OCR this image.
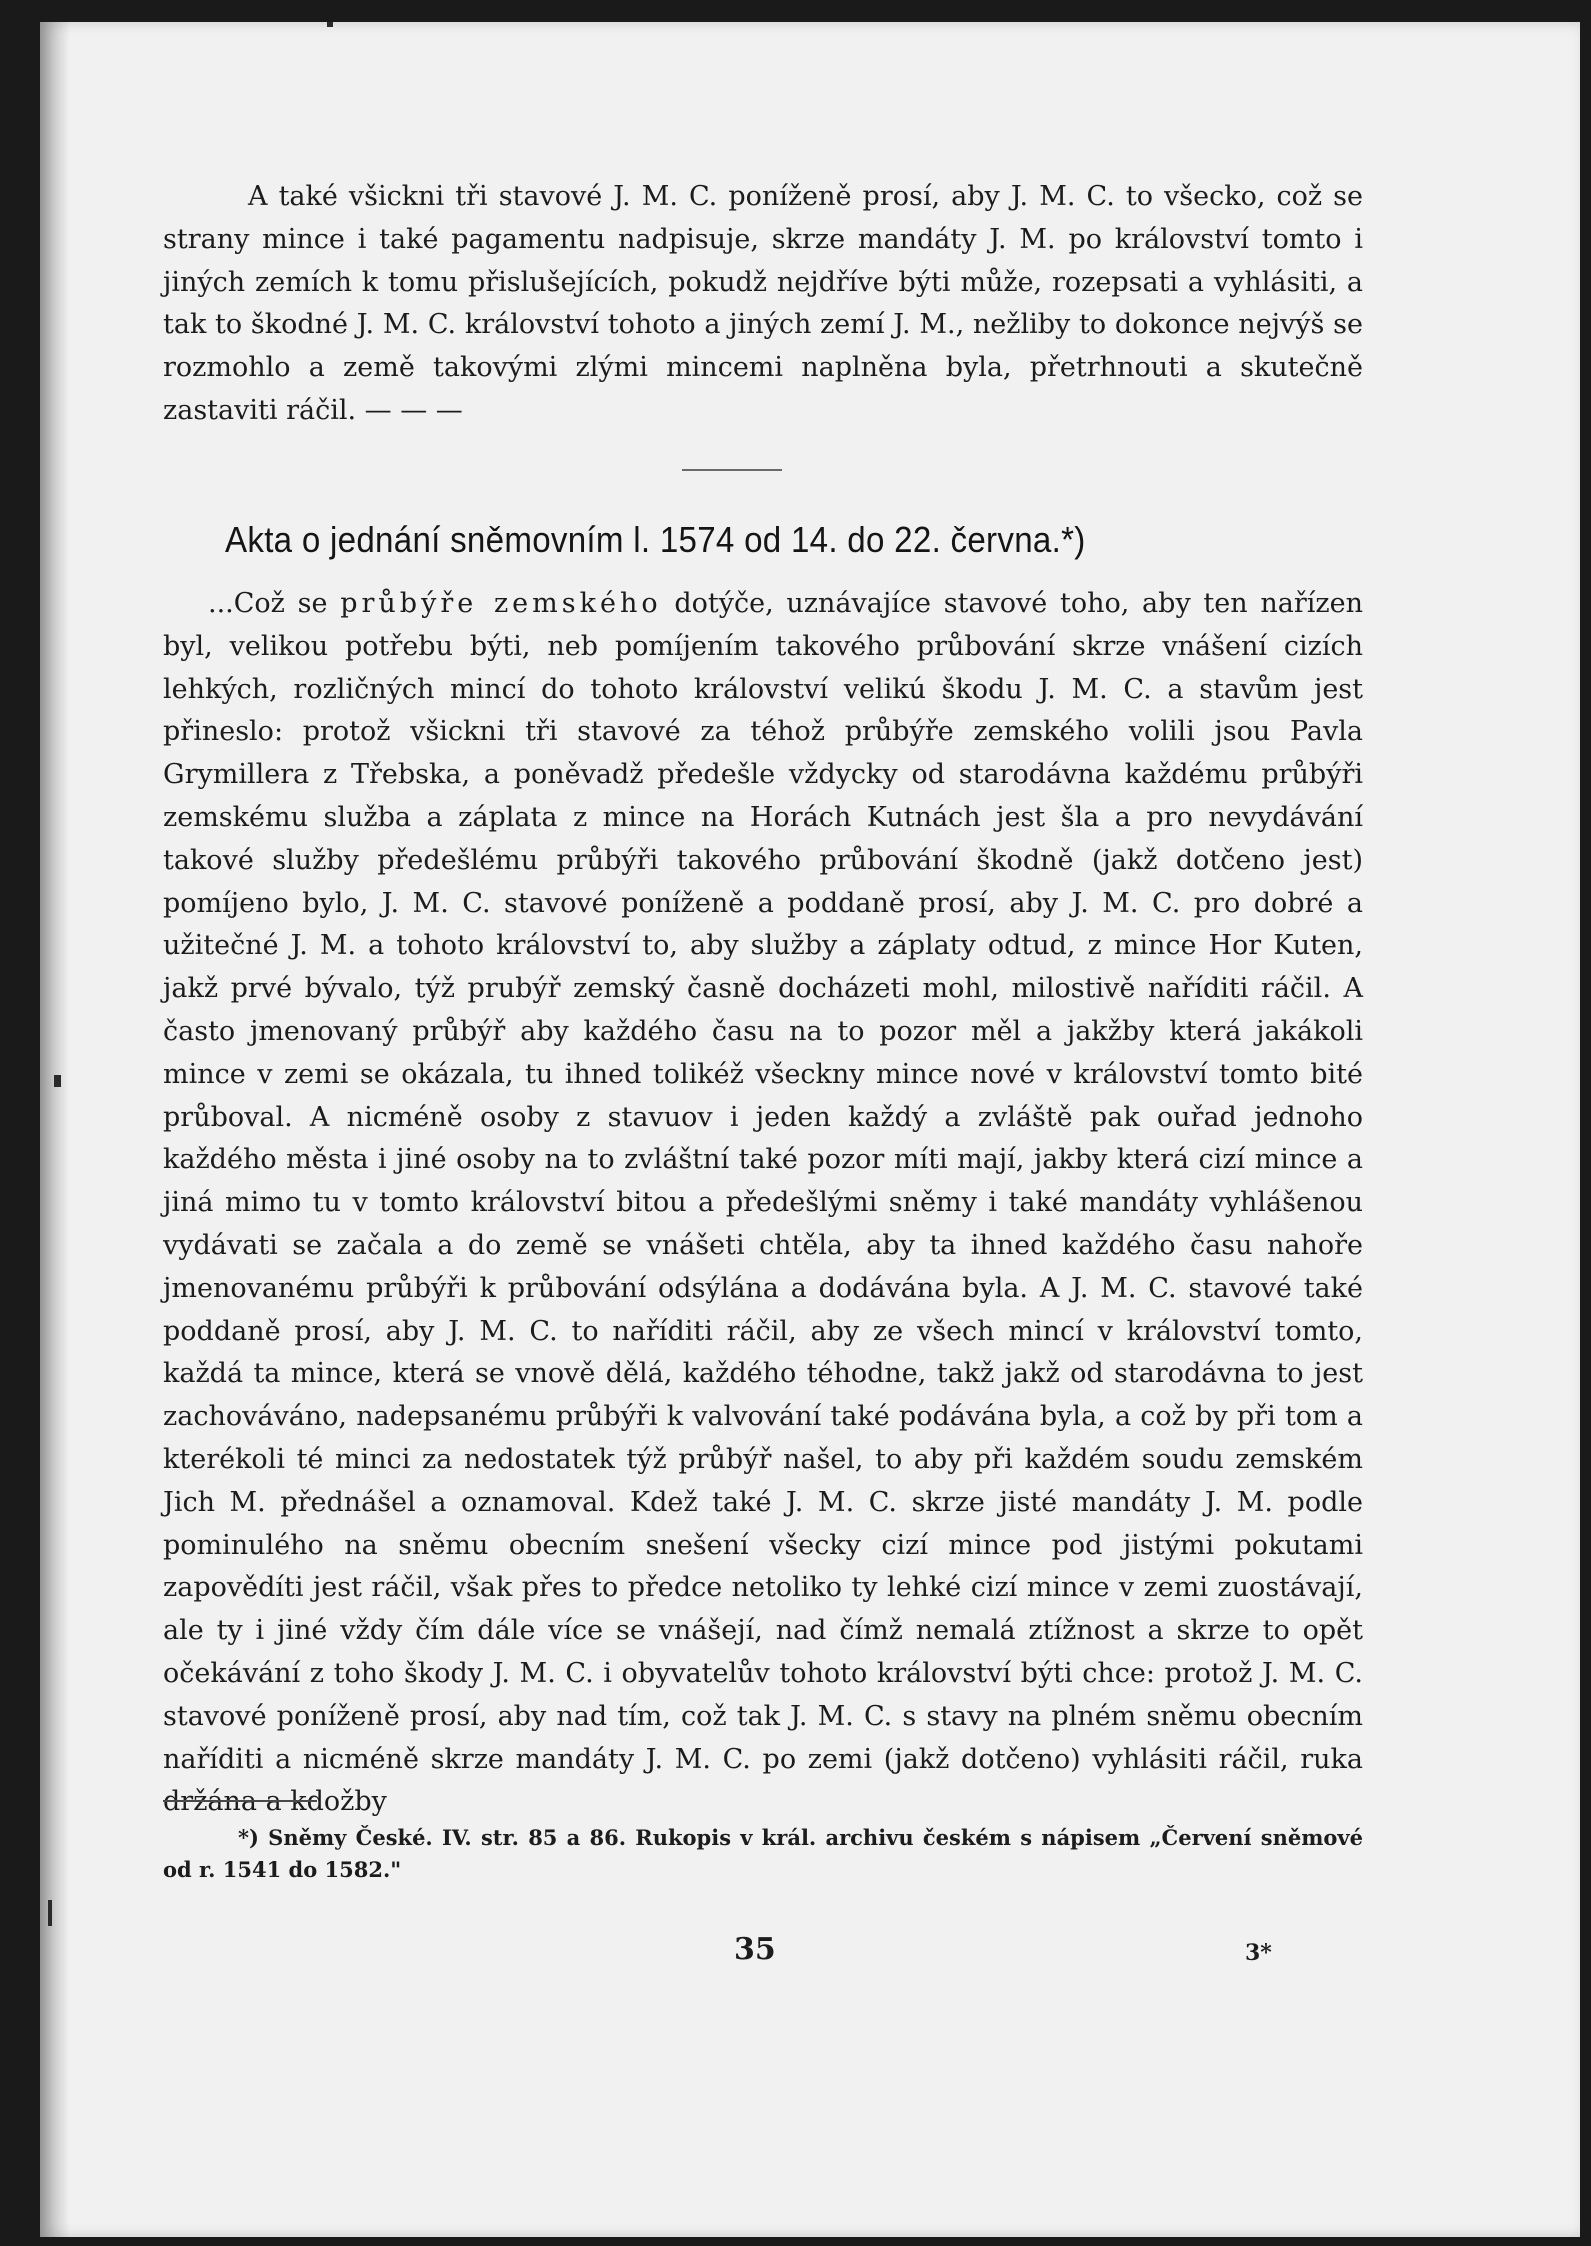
A také všickni tři stavové J. M. C. poníženě prosí, aby J. M. C. to všecko, což se strany mince i také pagamentu nadpisuje, skrze mandáty J. M. po království tomto i jiných zemích k tomu přislušejících, pokudž nejdříve býti může, rozepsati a vyhlásiti, a tak to škodné J. M. C. království tohoto a jiných zemí J. M., nežliby to dokonce nejvýš se rozmohlo a země takovými zlými mincemi naplněna byla, přetrhnouti a skutečně zastaviti ráčil. — — —
Akta o jednání sněmovním l. 1574 od 14. do 22. června.*)
...Což se průbýře zemského dotýče, uznávajíce stavové toho, aby ten nařízen byl, velikou potřebu býti, neb pomíjením takového průbování skrze vnášení cizích lehkých, rozličných mincí do tohoto království velikú škodu J. M. C. a stavům jest přineslo: protož všickni tři stavové za téhož průbýře zemského volili jsou Pavla Grymillera z Třebska, a poněvadž předešle vždycky od starodávna každému průbýři zemskému služba a záplata z mince na Horách Kutnách jest šla a pro nevydávání takové služby předešlému průbýři takového průbování škodně (jakž dotčeno jest) pomíjeno bylo, J. M. C. stavové poníženě a poddaně prosí, aby J. M. C. pro dobré a užitečné J. M. a tohoto království to, aby služby a záplaty odtud, z mince Hor Kuten, jakž prvé bývalo, týž prubýř zemský časně docházeti mohl, milostivě naříditi ráčil. A často jmenovaný průbýř aby každého času na to pozor měl a jakžby která jakákoli mince v zemi se okázala, tu ihned tolikéž všeckny mince nové v království tomto bité průboval. A nicméně osoby z stavuov i jeden každý a zvláště pak ouřad jednoho každého města i jiné osoby na to zvláštní také pozor míti mají, jakby která cizí mince a jiná mimo tu v tomto království bitou a předešlými sněmy i také mandáty vyhlášenou vydávati se začala a do země se vnášeti chtěla, aby ta ihned každého času nahoře jmenovanému průbýři k průbování odsýlána a dodávána byla. A J. M. C. stavové také poddaně prosí, aby J. M. C. to naříditi ráčil, aby ze všech mincí v království tomto, každá ta mince, která se vnově dělá, každého téhodne, takž jakž od starodávna to jest zachováváno, nadepsanému průbýři k valvování také podávána byla, a což by při tom a kterékoli té minci za nedostatek týž průbýř našel, to aby při každém soudu zemském Jich M. přednášel a oznamoval. Kdež také J. M. C. skrze jisté mandáty J. M. podle pominulého na sněmu obecním snešení všecky cizí mince pod jistými pokutami zapovědíti jest ráčil, však přes to předce netoliko ty lehké cizí mince v zemi zuostávají, ale ty i jiné vždy čím dále více se vnášejí, nad čímž nemalá ztížnost a skrze to opět očekávání z toho škody J. M. C. i obyvatelův tohoto království býti chce: protož J. M. C. stavové poníženě prosí, aby nad tím, což tak J. M. C. s stavy na plném sněmu obecním naříditi a nicméně skrze mandáty J. M. C. po zemi (jakž dotčeno) vyhlásiti ráčil, ruka držána a kdožby
*) Sněmy České. IV. str. 85 a 86. Rukopis v král. archivu českém s nápisem „Červení sněmové od r. 1541 do 1582."
35	3*
